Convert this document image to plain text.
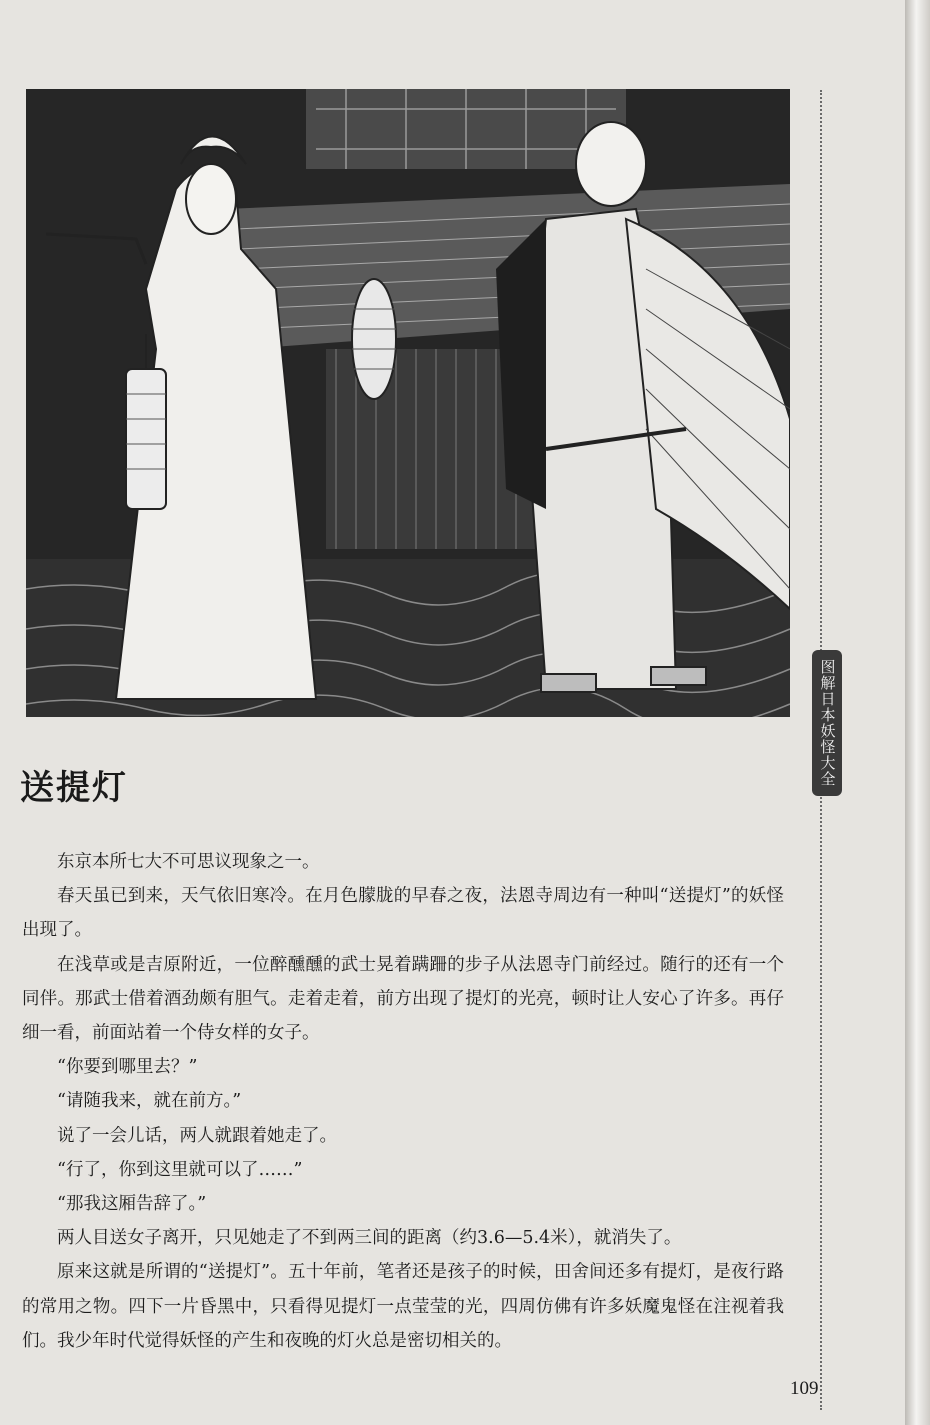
图解日本妖怪大全
送提灯

东京本所七大不可思议现象之一。

春天虽已到来，天气依旧寒冷。在月色朦胧的早春之夜，法恩寺周边有一种叫“送提灯”的妖怪出现了。

在浅草或是吉原附近，一位醉醺醺的武士晃着蹒跚的步子从法恩寺门前经过。随行的还有一个同伴。那武士借着酒劲颇有胆气。走着走着，前方出现了提灯的光亮，顿时让人安心了许多。再仔细一看，前面站着一个侍女样的女子。

“你要到哪里去？”

“请随我来，就在前方。”

说了一会儿话，两人就跟着她走了。

“行了，你到这里就可以了……”

“那我这厢告辞了。”

两人目送女子离开，只见她走了不到两三间的距离（约3.6—5.4米），就消失了。

原来这就是所谓的“送提灯”。五十年前，笔者还是孩子的时候，田舍间还多有提灯，是夜行路的常用之物。四下一片昏黑中，只看得见提灯一点莹莹的光，四周仿佛有许多妖魔鬼怪在注视着我们。我少年时代觉得妖怪的产生和夜晚的灯火总是密切相关的。

109
